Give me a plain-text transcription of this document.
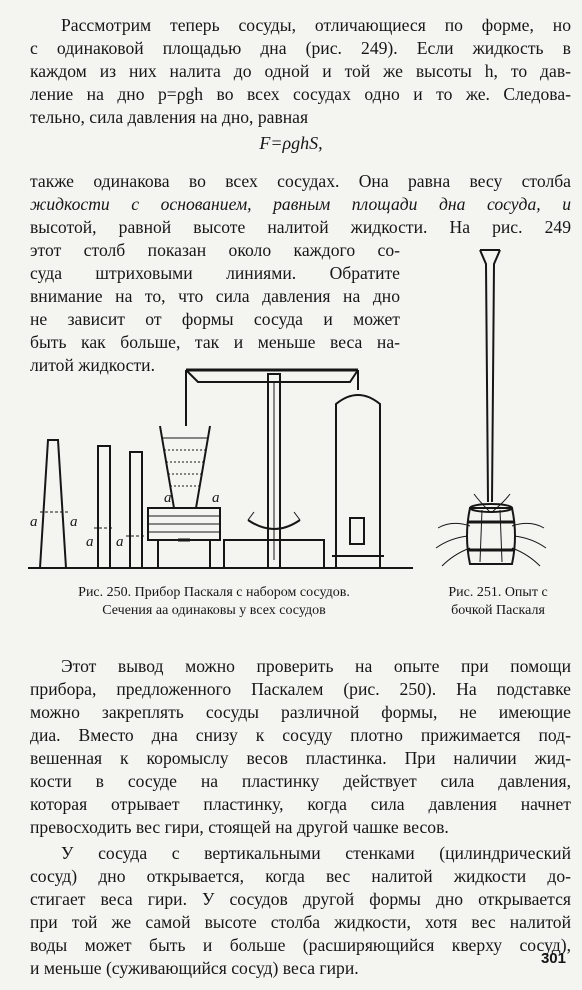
Рассмотрим теперь сосуды, отличающиеся по форме, но
с одинаковой площадью дна (рис. 249). Если жидкость в
каждом из них налита до одной и той же высоты h, то дав-
ление на дно p=ρgh во всех сосудах одно и то же. Следова-
тельно, сила давления на дно, равная
F=ρghS,
также одинакова во всех сосудах. Она равна весу столба
жидкости с основанием, равным площади дна сосуда, и
высотой, равной высоте налитой жидкости. На рис. 249
этот столб показан около каждого со-
суда штриховыми линиями. Обратите
внимание на то, что сила давления на дно
не зависит от формы сосуда и может
быть как больше, так и меньше веса на-
литой жидкости.
a a
a a
a	a
Рис. 250. Прибор Паскаля с набором сосудов.
Сечения aa одинаковы у всех сосудов
Рис. 251. Опыт с
бочкой Паскаля
Этот вывод можно проверить на опыте при помощи
прибора, предложенного Паскалем (рис. 250). На подставке
можно закреплять сосуды различной формы, не имеющие
диа. Вместо дна снизу к сосуду плотно прижимается под-
вешенная к коромыслу весов пластинка. При наличии жид-
кости в сосуде на пластинку действует сила давления,
которая отрывает пластинку, когда сила давления начнет
превосходить вес гири, стоящей на другой чашке весов.
У сосуда с вертикальными стенками (цилиндрический
сосуд) дно открывается, когда вес налитой жидкости до-
стигает веса гири. У сосудов другой формы дно открывается
при той же самой высоте столба жидкости, хотя вес налитой
воды может быть и больше (расширяющийся кверху сосуд),
и меньше (суживающийся сосуд) веса гири.	301
